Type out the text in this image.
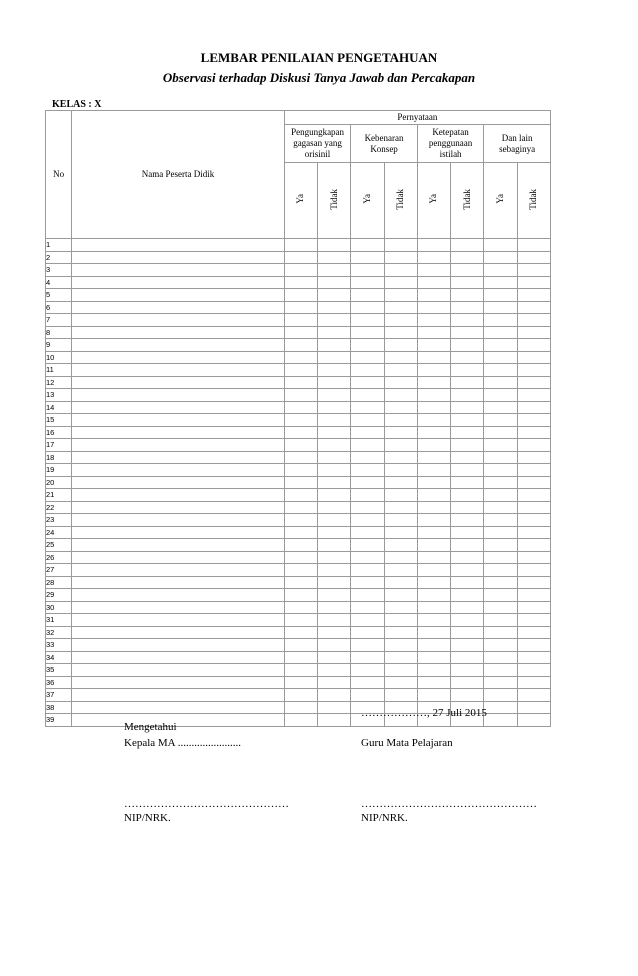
LEMBAR PENILAIAN PENGETAHUAN
Observasi terhadap Diskusi Tanya Jawab dan Percakapan
KELAS : X
No	Nama Peserta Didik	Pernyataan							
		Pengungkapan gagasan yang orisinil		Kebenaran Konsep		Ketepatan penggunaan istilah		Dan lain sebaginya	
		Ya	Tidak	Ya	Tidak	Ya	Tidak	Ya	Tidak
1									
2									
3									
4									
5									
6									
7									
8									
9									
10									
11									
12									
13									
14									
15									
16									
17									
18									
19									
20									
21									
22									
23									
24									
25									
26									
27									
28									
29									
30									
31									
32									
33									
34									
35									
36									
37									
38									
39									
………………, 27 Juli 2015
Mengetahui
Kepala MA .......................	Guru Mata Pelajaran
………………………………………	…………………………………………
NIP/NRK.	NIP/NRK.
